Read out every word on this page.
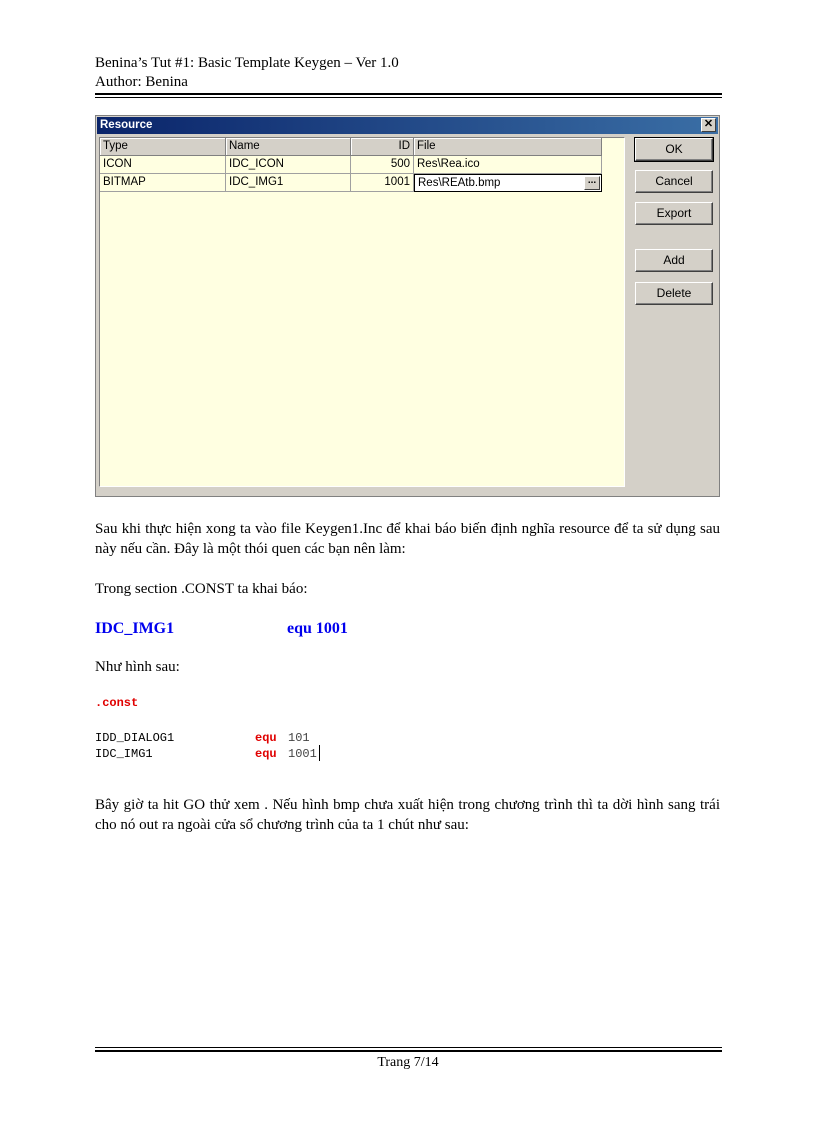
Benina’s Tut #1: Basic Template Keygen – Ver 1.0
Author: Benina
Resource	✕
Type	Name	ID File
ICON	IDC_ICON	500 Res\Rea.ico
BITMAP	IDC_IMG1	1001 Res\REAtb.bmp	...
OK
Cancel
Export
Add
Delete
Sau khi thực hiện xong ta vào file Keygen1.Inc để khai báo biến định nghĩa resource để ta sử dụng sau này nếu cần. Đây là một thói quen các bạn nên làm:
Trong section .CONST ta khai báo:
IDC_IMG1	equ 1001
Như hình sau:
.const
IDD_DIALOG1	equ 101
IDC_IMG1	equ 1001
Bây giờ ta hit GO thử xem . Nếu hình bmp chưa xuất hiện trong chương trình thì ta dời hình sang trái cho nó out ra ngoài cửa sổ chương trình của ta 1 chút như sau:
Trang 7/14
